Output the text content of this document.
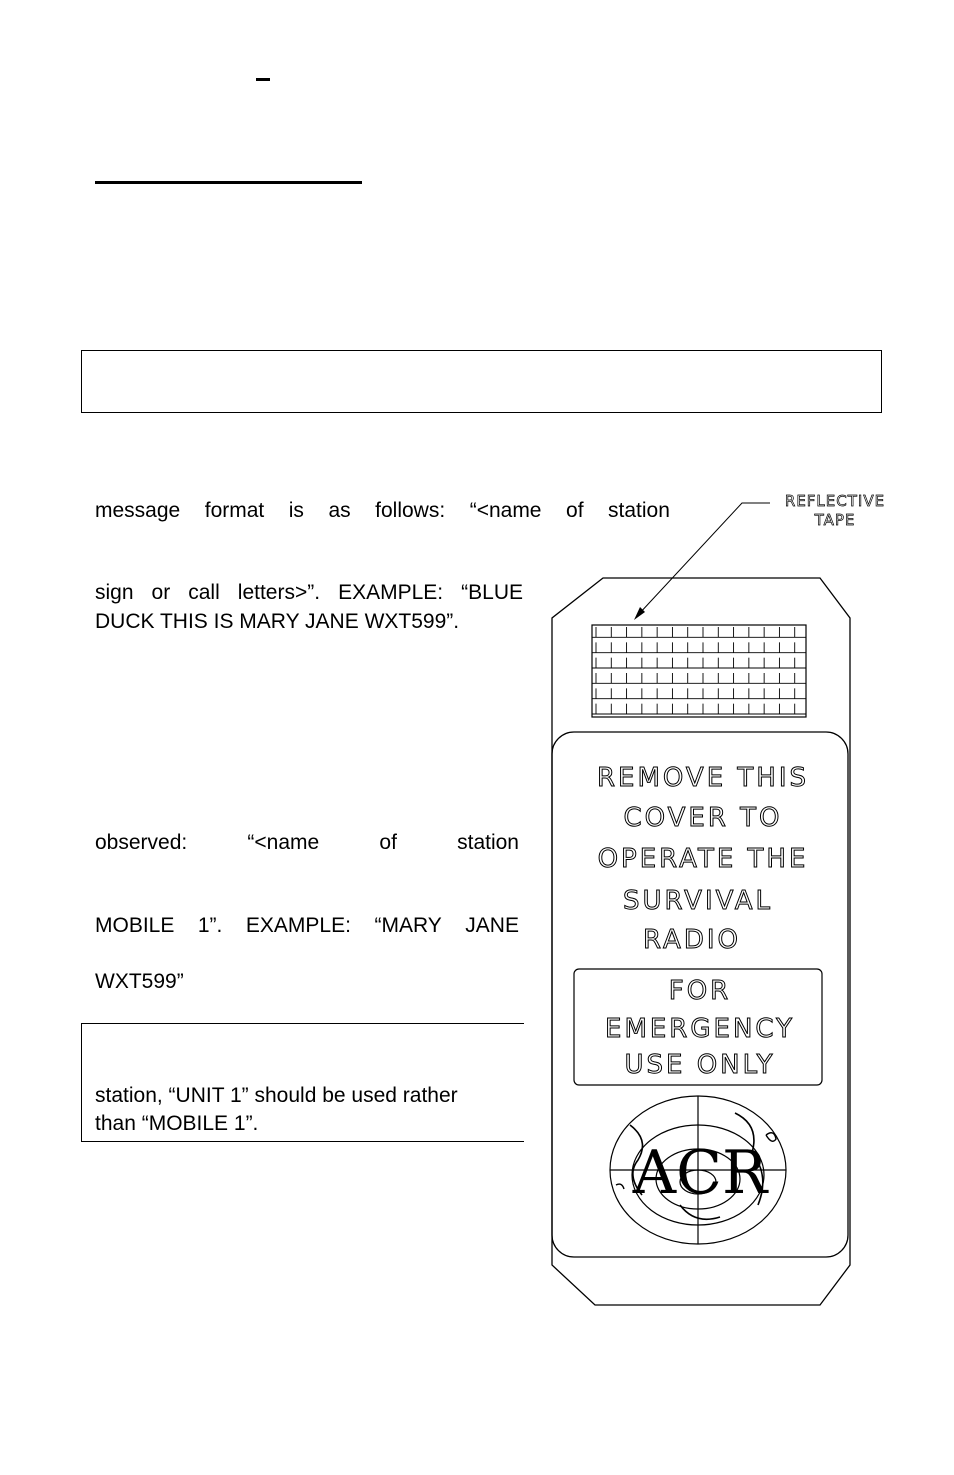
message format is as follows: “<name of station
sign or call letters>”. EXAMPLE: “BLUE
DUCK THIS IS MARY JANE WXT599”.
observed:	“<name	of	station
MOBILE 1”. EXAMPLE: “MARY JANE
WXT599”
station, “UNIT 1” should be used rather
than “MOBILE 1”.
REFLECTIVE
TAPE
REMOVE THIS
COVER TO
OPERATE THE
SURVIVAL
RADIO
FOR
EMERGENCY
USE ONLY
ACR
